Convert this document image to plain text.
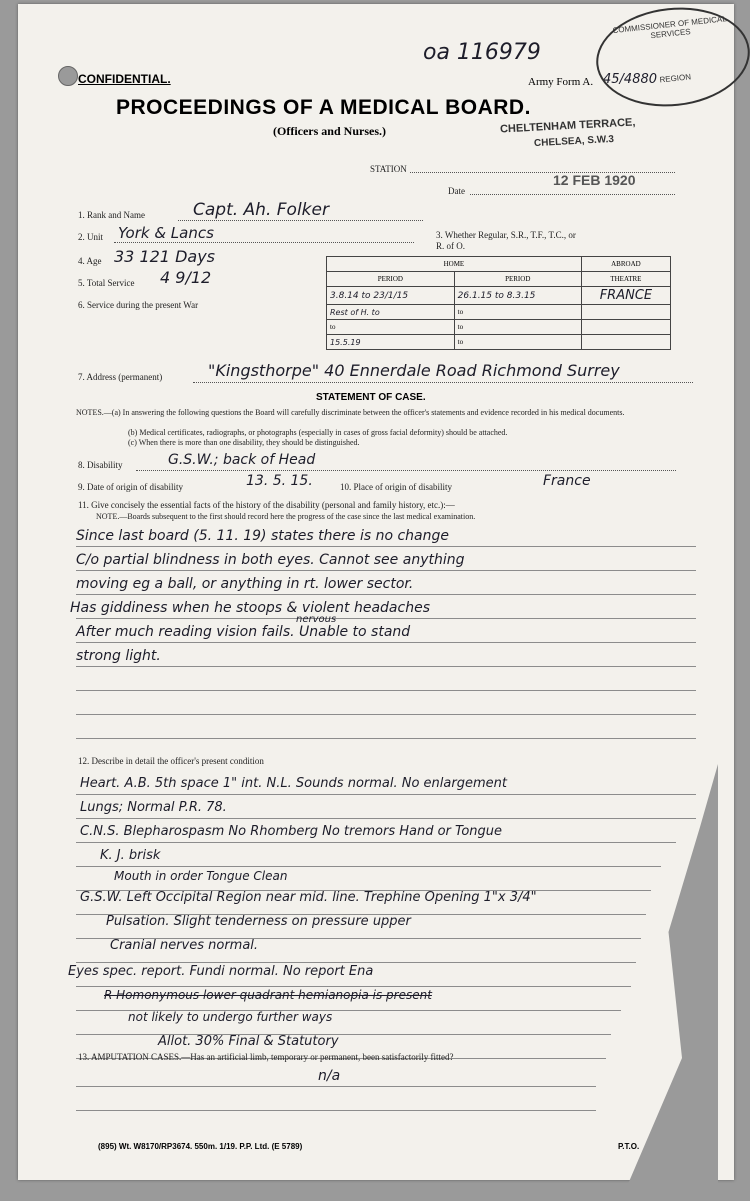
oa 116979
CONFIDENTIAL.	Army Form A. 45/4880
PROCEEDINGS OF A MEDICAL BOARD.
(Officers and Nurses.)
COMMISSIONER OF MEDICAL SERVICES
REGION
CHELTENHAM TERRACE,
CHELSEA, S.W.3
STATION
Date
12 FEB 1920
1. Rank and Name	Capt. Ah. Folker
2. Unit York & Lancs	3. Whether Regular, S.R., T.F., T.C., or R. of O.
4. Age 33 121 Days
5. Total Service 4 9/12
6. Service during the present War
HOME		ABROAD
PERIOD	PERIOD	THEATRE
3.8.14 to 23/1/15	26.1.15 to 8.3.15	FRANCE
Rest of H. to	to	
to	to	
15.5.19	to	
7. Address (permanent)	"Kingsthorpe" 40 Ennerdale Road Richmond Surrey
STATEMENT OF CASE.
NOTES.—(a) In answering the following questions the Board will carefully discriminate between the officer's statements and evidence recorded in his medical documents.
(b) Medical certificates, radiographs, or photographs (especially in cases of gross facial deformity) should be attached.
(c) When there is more than one disability, they should be distinguished.
8. Disability	G.S.W.; back of Head
9. Date of origin of disability	13. 5. 15.	10. Place of origin of disability	France
11. Give concisely the essential facts of the history of the disability (personal and family history, etc.):—
NOTE.—Boards subsequent to the first should record here the progress of the case since the last medical examination.
Since last board (5. 11. 19) states there is no change
C/o partial blindness in both eyes. Cannot see anything
moving eg a ball, or anything in rt. lower sector.
Has giddiness when he stoops & violent headaches
nervous
After much reading vision fails. Unable to stand
strong light.
12. Describe in detail the officer's present condition
Heart. A.B. 5th space 1" int. N.L. Sounds normal. No enlargement
Lungs; Normal P.R. 78.
C.N.S. Blepharospasm No Rhomberg No tremors Hand or Tongue
K. J. brisk
Mouth in order Tongue Clean
G.S.W. Left Occipital Region near mid. line. Trephine Opening 1"x 3/4"
Pulsation. Slight tenderness on pressure upper
Cranial nerves normal.
Eyes spec. report. Fundi normal. No report Ena
R Homonymous lower quadrant hemianopia is present
not likely to undergo further ways
Allot. 30% Final & Statutory
13. AMPUTATION CASES.—Has an artificial limb, temporary or permanent, been satisfactorily fitted?
n/a
(895) Wt. W8170/RP3674. 550m. 1/19. P.P. Ltd. (E 5789)	P.T.O.
